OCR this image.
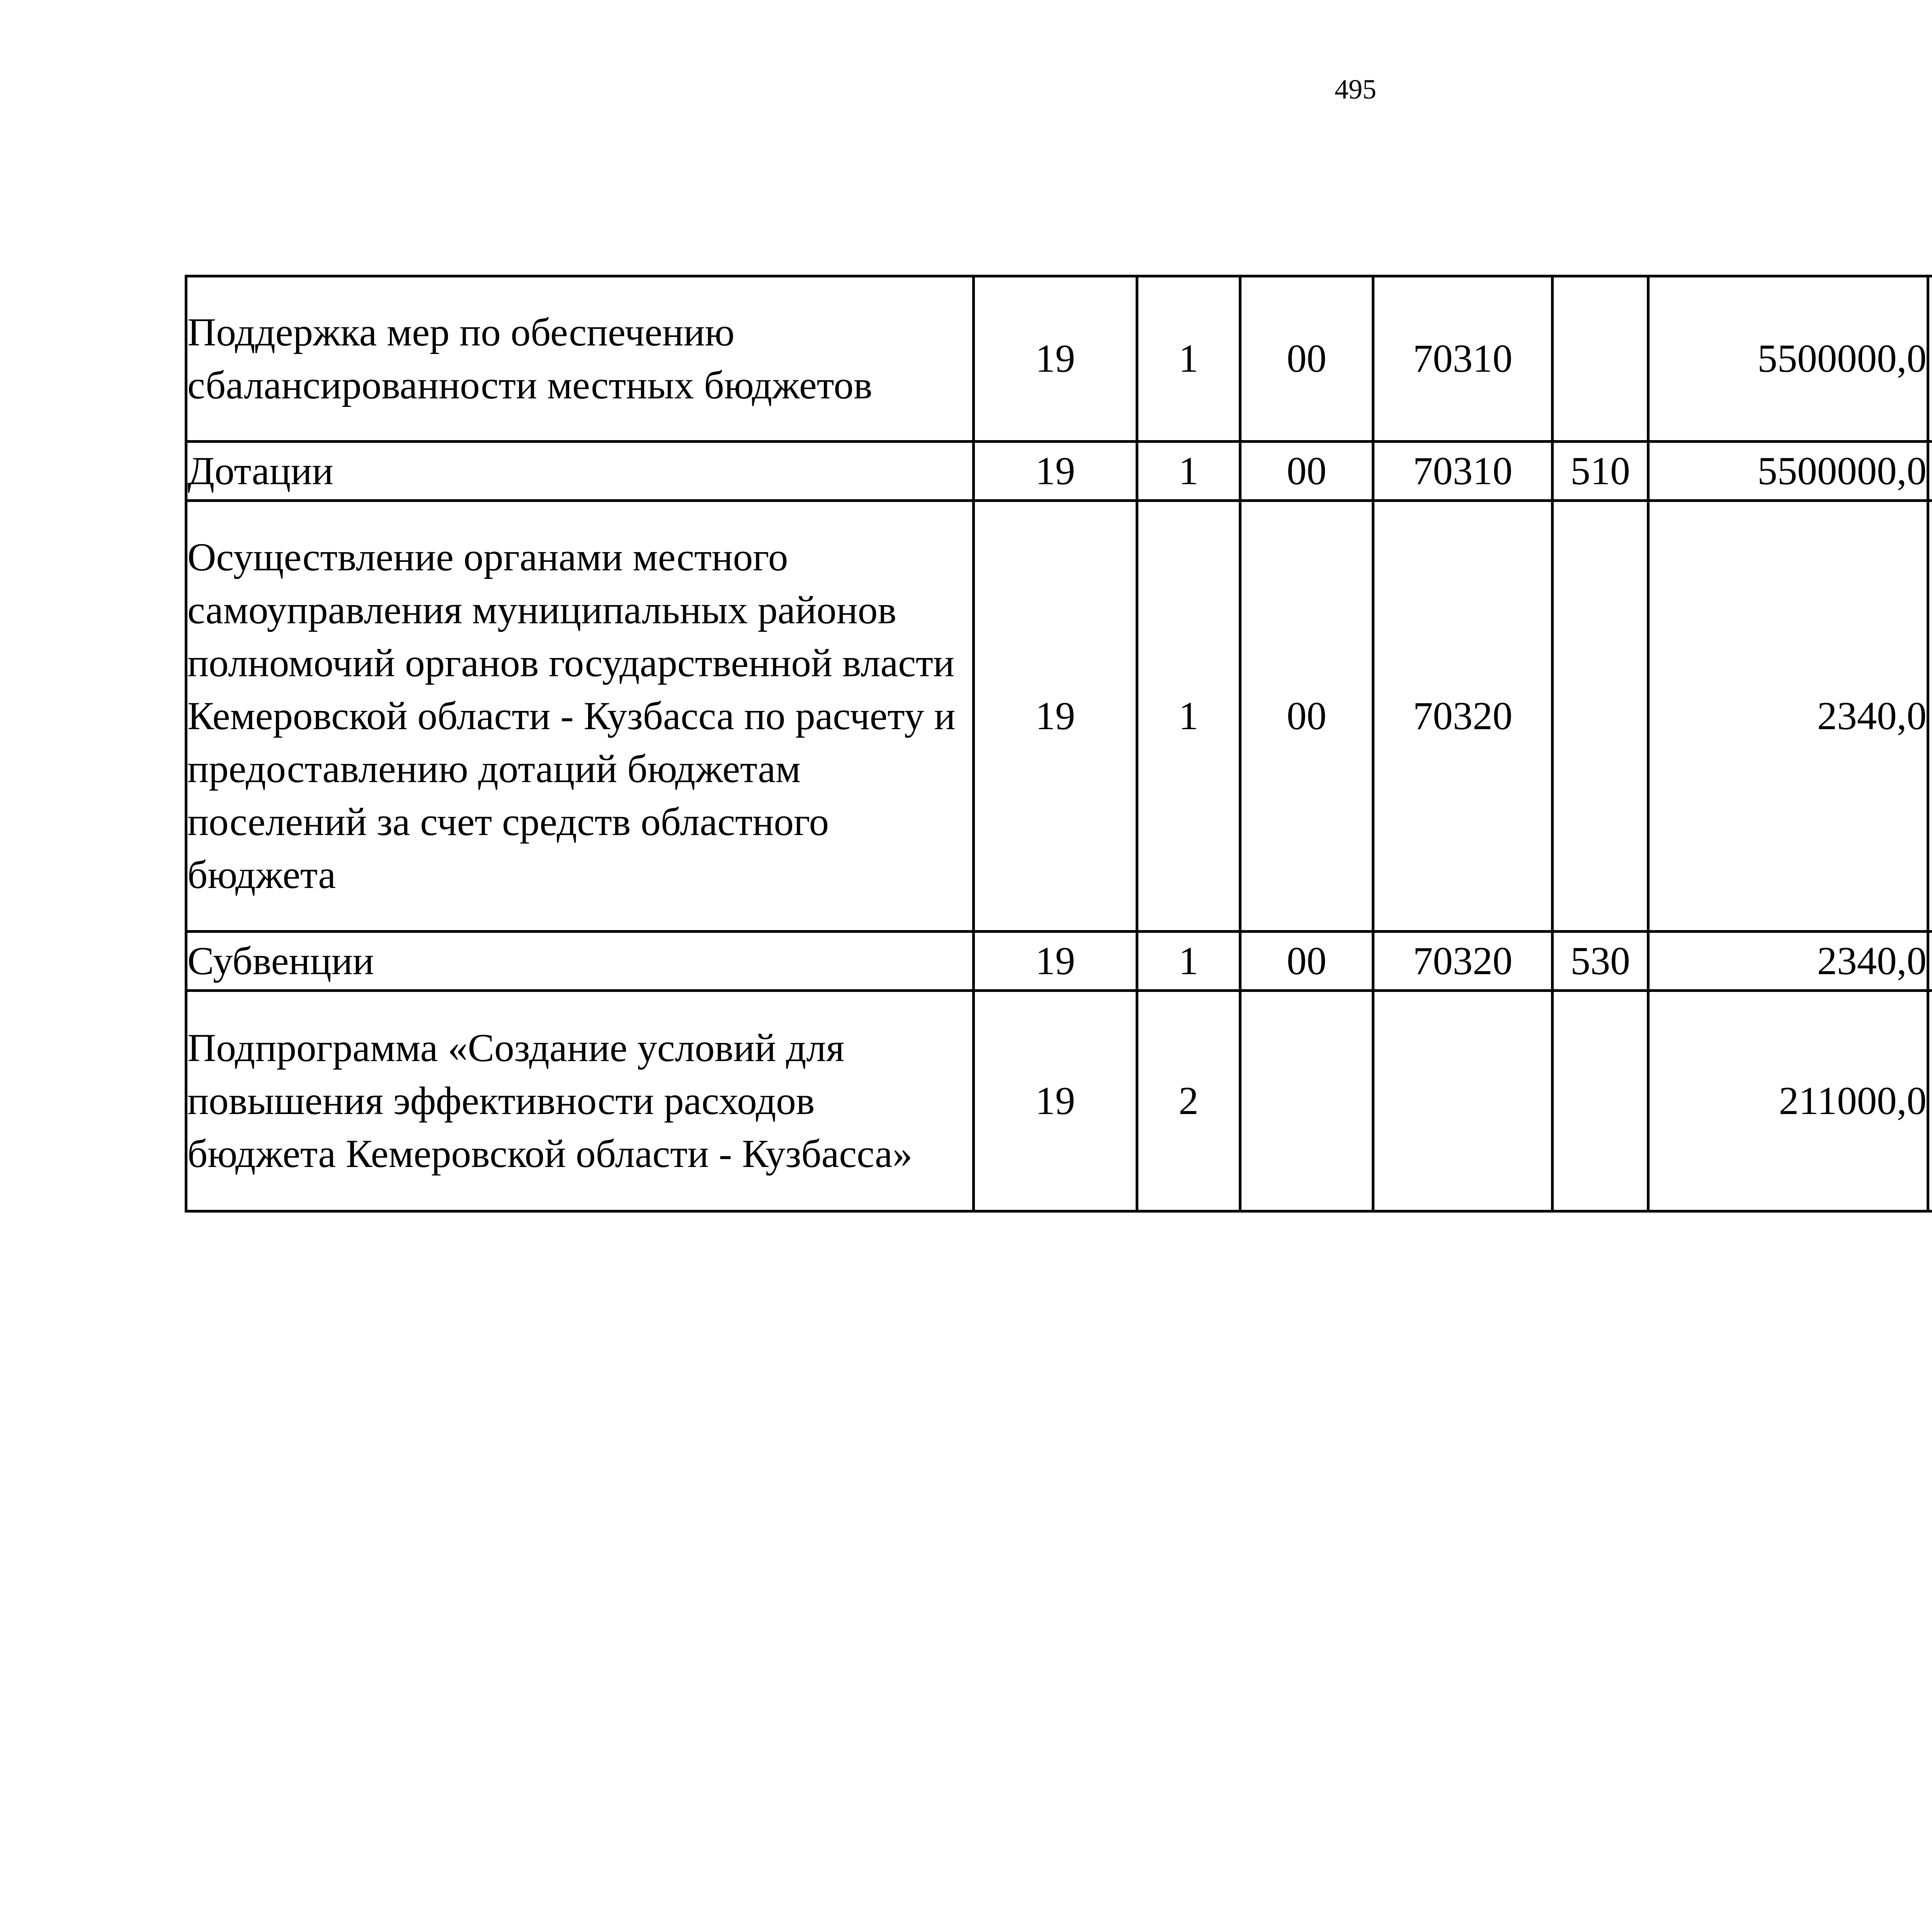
495
Поддержка мер по обеспечению сбалансированности местных бюджетов	19	1	00	70310		5500000,0		
Дотации	19	1	00	70310	510	5500000,0		
Осуществление органами местного самоуправления муниципальных районов полномочий органов государственной власти Кемеровской области - Кузбасса по расчету и предоставлению дотаций бюджетам поселений за счет средств областного бюджета	19	1	00	70320		2340,0		
Субвенции	19	1	00	70320	530	2340,0		
Подпрограмма «Создание условий для повышения эффективности расходов бюджета Кемеровской области - Кузбасса»	19	2				211000,0		
